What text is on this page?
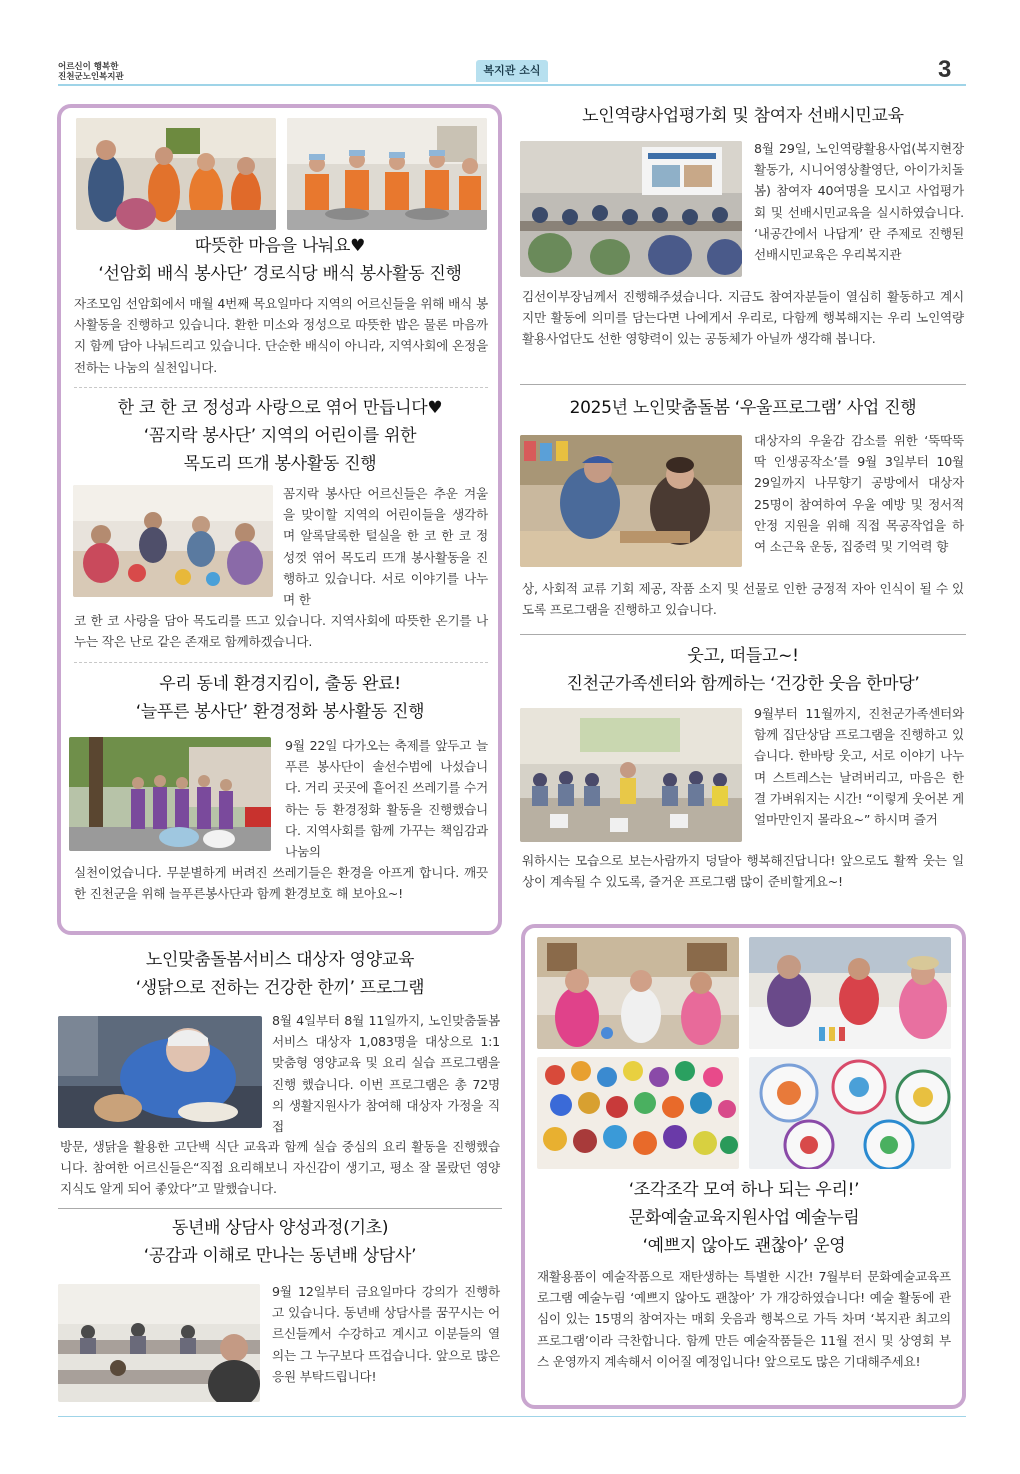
어르신이 행복한
진천군노인복지관	복지관 소식	3
따뜻한 마음을 나눠요♥
‘선암회 배식 봉사단’ 경로식당 배식 봉사활동 진행
자조모임 선암회에서 매월 4번째 목요일마다 지역의 어르신들을 위해 배식 봉사활동을 진행하고 있습니다. 환한 미소와 정성으로 따뜻한 밥은 물론 마음까지 함께 담아 나눠드리고 있습니다. 단순한 배식이 아니라, 지역사회에 온정을 전하는 나눔의 실천입니다.
한 코 한 코 정성과 사랑으로 엮어 만듭니다♥
‘꼼지락 봉사단’ 지역의 어린이를 위한
목도리 뜨개 봉사활동 진행
꼼지락 봉사단 어르신들은 추운 겨울을 맞이할 지역의 어린이들을 생각하며 알록달록한 털실을 한 코 한 코 정성껏 엮어 목도리 뜨개 봉사활동을 진행하고 있습니다. 서로 이야기를 나누며 한
코 한 코 사랑을 담아 목도리를 뜨고 있습니다. 지역사회에 따뜻한 온기를 나누는 작은 난로 같은 존재로 함께하겠습니다.
우리 동네 환경지킴이, 출동 완료!
‘늘푸른 봉사단’ 환경정화 봉사활동 진행
9월 22일 다가오는 축제를 앞두고 늘푸른 봉사단이 솔선수범에 나섰습니다. 거리 곳곳에 흩어진 쓰레기를 수거하는 등 환경정화 활동을 진행했습니다. 지역사회를 함께 가꾸는 책임감과 나눔의
실천이었습니다. 무분별하게 버려진 쓰레기들은 환경을 아프게 합니다. 깨끗한 진천군을 위해 늘푸른봉사단과 함께 환경보호 해 보아요~!
노인맞춤돌봄서비스 대상자 영양교육
‘생닭으로 전하는 건강한 한끼’ 프로그램
8월 4일부터 8월 11일까지, 노인맞춤돌봄서비스 대상자 1,083명을 대상으로 1:1 맞춤형 영양교육 및 요리 실습 프로그램을 진행 했습니다. 이번 프로그램은 총 72명의 생활지원사가 참여해 대상자 가정을 직접
방문, 생닭을 활용한 고단백 식단 교육과 함께 실습 중심의 요리 활동을 진행했습니다. 참여한 어르신들은“직접 요리해보니 자신감이 생기고, 평소 잘 몰랐던 영양 지식도 알게 되어 좋았다”고 말했습니다.
동년배 상담사 양성과정(기초)
‘공감과 이해로 만나는 동년배 상담사’
9월 12일부터 금요일마다 강의가 진행하고 있습니다. 동년배 상담사를 꿈꾸시는 어르신들께서 수강하고 계시고 이분들의 열의는 그 누구보다 뜨겁습니다. 앞으로 많은 응원 부탁드립니다!
노인역량사업평가회 및 참여자 선배시민교육
8월 29일, 노인역량활용사업(복지현장활동가, 시니어영상촬영단, 아이가치돌봄) 참여자 40여명을 모시고 사업평가회 및 선배시민교육을 실시하였습니다. ‘내공간에서 나답게’ 란 주제로 진행된 선배시민교육은 우리복지관
김선이부장님께서 진행해주셨습니다. 지금도 참여자분들이 열심히 활동하고 계시지만 활동에 의미를 담는다면 나에게서 우리로, 다함께 행복해지는 우리 노인역량활용사업단도 선한 영향력이 있는 공동체가 아닐까 생각해 봅니다.
2025년 노인맞춤돌봄 ‘우울프로그램’ 사업 진행
대상자의 우울감 감소를 위한 ‘뚝딱뚝딱 인생공작소’를 9월 3일부터 10월 29일까지 나무향기 공방에서 대상자 25명이 참여하여 우울 예방 및 정서적 안정 지원을 위해 직접 목공작업을 하여 소근육 운동, 집중력 및 기억력 향
상, 사회적 교류 기회 제공, 작품 소지 및 선물로 인한 긍정적 자아 인식이 될 수 있도록 프로그램을 진행하고 있습니다.
웃고, 떠들고~!
진천군가족센터와 함께하는 ‘건강한 웃음 한마당’
9월부터 11월까지, 진천군가족센터와 함께 집단상담 프로그램을 진행하고 있습니다. 한바탕 웃고, 서로 이야기 나누며 스트레스는 날려버리고, 마음은 한결 가벼워지는 시간! “이렇게 웃어본 게 얼마만인지 몰라요~” 하시며 즐거
워하시는 모습으로 보는사람까지 덩달아 행복해진답니다! 앞으로도 활짝 웃는 일상이 계속될 수 있도록, 즐거운 프로그램 많이 준비할게요~!
‘조각조각 모여 하나 되는 우리!’
문화예술교육지원사업 예술누림
‘예쁘지 않아도 괜찮아’ 운영
재활용품이 예술작품으로 재탄생하는 특별한 시간! 7월부터 문화예술교육프로그램 예술누림 ‘예쁘지 않아도 괜찮아’ 가 개강하였습니다! 예술 활동에 관심이 있는 15명의 참여자는 매회 웃음과 행복으로 가득 차며 ‘복지관 최고의 프로그램’이라 극찬합니다. 함께 만든 예술작품들은 11월 전시 및 상영회 부스 운영까지 계속해서 이어질 예정입니다! 앞으로도 많은 기대해주세요!
